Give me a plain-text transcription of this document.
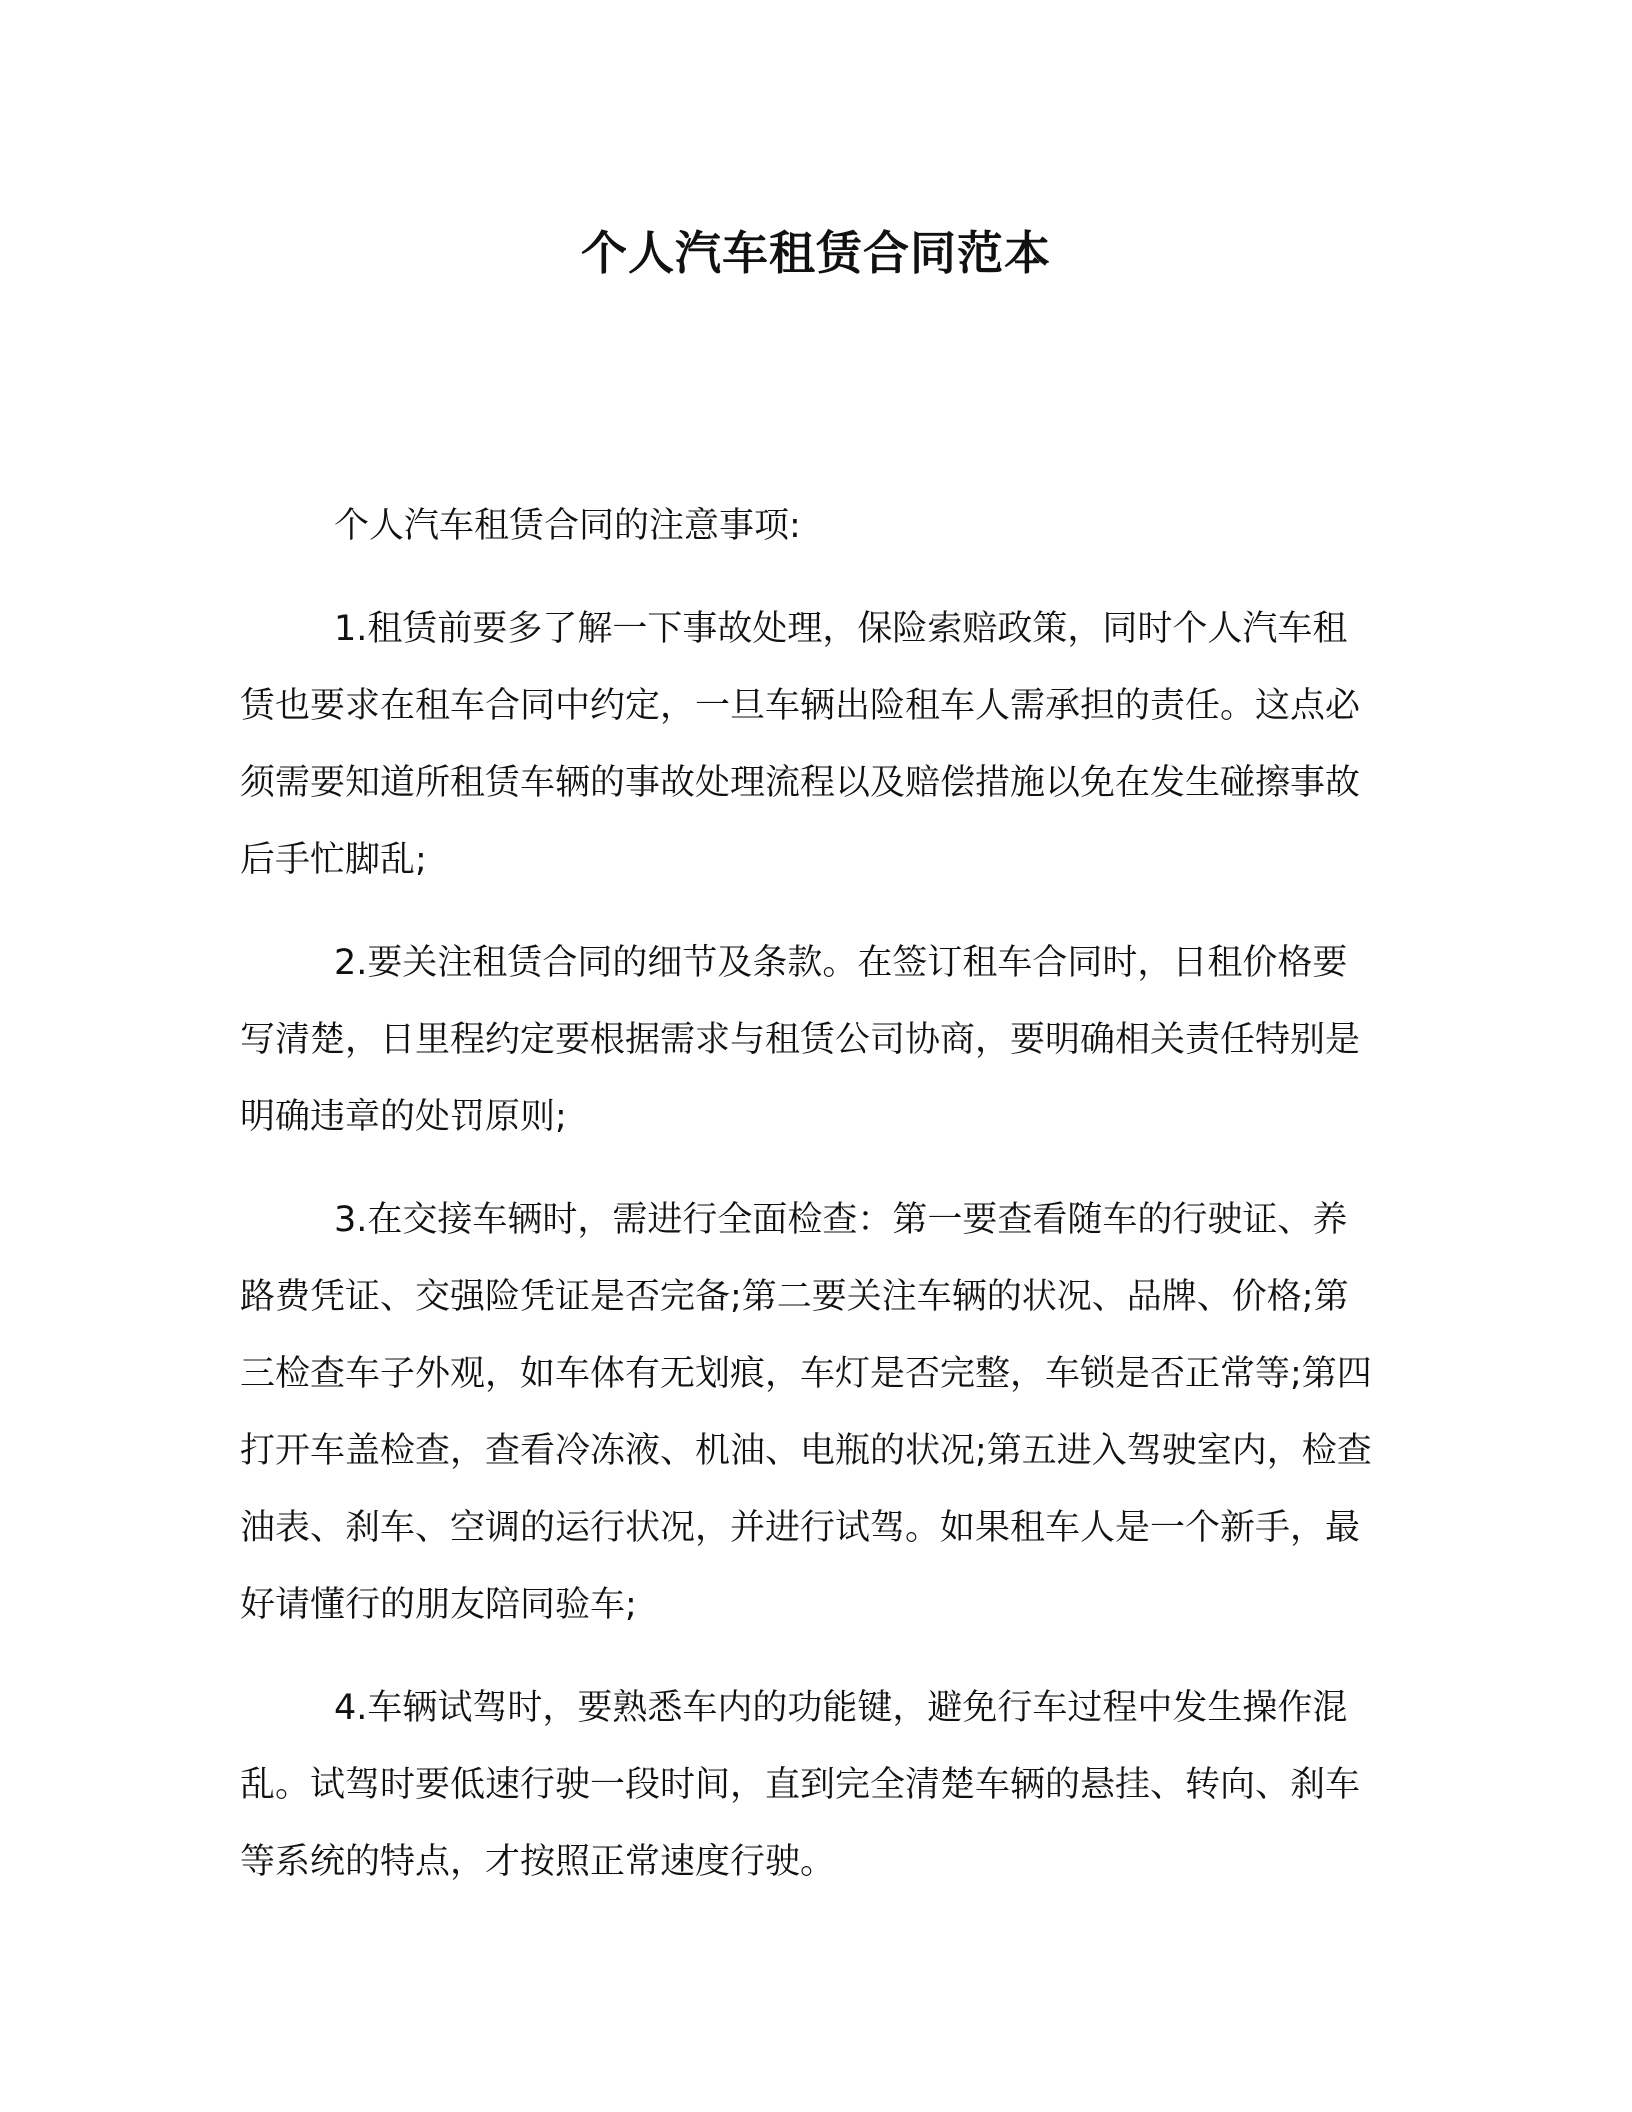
个人汽车租赁合同范本

个人汽车租赁合同的注意事项:

1.租赁前要多了解一下事故处理，保险索赔政策，同时个人汽车租赁也要求在租车合同中约定，一旦车辆出险租车人需承担的责任。这点必须需要知道所租赁车辆的事故处理流程以及赔偿措施以免在发生碰擦事故后手忙脚乱;

2.要关注租赁合同的细节及条款。在签订租车合同时，日租价格要写清楚，日里程约定要根据需求与租赁公司协商，要明确相关责任特别是明确违章的处罚原则;

3.在交接车辆时，需进行全面检查：第一要查看随车的行驶证、养路费凭证、交强险凭证是否完备;第二要关注车辆的状况、品牌、价格;第三检查车子外观，如车体有无划痕，车灯是否完整，车锁是否正常等;第四打开车盖检查，查看冷冻液、机油、电瓶的状况;第五进入驾驶室内，检查油表、刹车、空调的运行状况，并进行试驾。如果租车人是一个新手，最好请懂行的朋友陪同验车;

4.车辆试驾时，要熟悉车内的功能键，避免行车过程中发生操作混乱。试驾时要低速行驶一段时间，直到完全清楚车辆的悬挂、转向、刹车等系统的特点，才按照正常速度行驶。
